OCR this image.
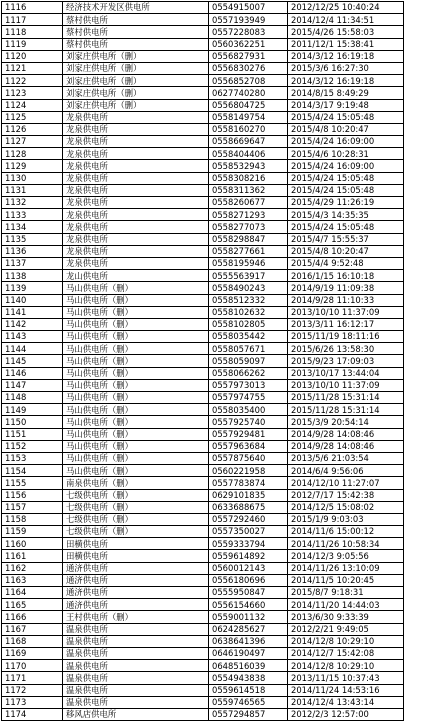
1116	经济技术开发区供电所	0554915007	2012/12/25 10:40:24
1117	蔡村供电所	0557193949	2014/12/4 11:34:51
1118	蔡村供电所	0557228083	2015/4/26 15:58:03
1119	蔡村供电所	0560362251	2011/12/1 15:38:41
1120	刘家庄供电所（删）	0556827931	2014/3/12 16:19:18
1121	刘家庄供电所（删）	0556830276	2015/3/6 16:27:30
1122	刘家庄供电所（删）	0556852708	2014/3/12 16:19:18
1123	刘家庄供电所（删）	0627740280	2014/8/15 8:49:29
1124	刘家庄供电所（删）	0556804725	2014/3/17 9:19:48
1125	龙泉供电所	0558149754	2015/4/24 15:05:48
1126	龙泉供电所	0558160270	2015/4/8 10:20:47
1127	龙泉供电所	0558669647	2015/4/24 16:09:00
1128	龙泉供电所	0558404406	2015/4/6 10:28:31
1129	龙泉供电所	0558532943	2015/4/24 16:09:00
1130	龙泉供电所	0558308216	2015/4/24 15:05:48
1131	龙泉供电所	0558311362	2015/4/24 15:05:48
1132	龙泉供电所	0558260677	2015/4/29 11:26:19
1133	龙泉供电所	0558271293	2015/4/3 14:35:35
1134	龙泉供电所	0558277073	2015/4/24 15:05:48
1135	龙泉供电所	0558298847	2015/4/7 15:55:37
1136	龙泉供电所	0558277661	2015/4/8 10:20:47
1137	龙泉供电所	0558195946	2015/4/4 9:52:48
1138	龙山供电所	0555563917	2016/1/15 16:10:18
1139	马山供电所（删）	0558490243	2014/9/19 11:09:38
1140	马山供电所（删）	0558512332	2014/9/28 11:10:33
1141	马山供电所（删）	0558102632	2013/10/10 11:37:09
1142	马山供电所（删）	0558102805	2013/3/11 16:12:17
1143	马山供电所（删）	0558035442	2015/11/19 18:11:16
1144	马山供电所（删）	0558057671	2015/6/26 13:58:30
1145	马山供电所（删）	0558059097	2015/9/23 17:09:03
1146	马山供电所（删）	0558066262	2013/10/17 13:44:04
1147	马山供电所（删）	0557973013	2013/10/10 11:37:09
1148	马山供电所（删）	0557974755	2015/11/28 15:31:14
1149	马山供电所（删）	0558035400	2015/11/28 15:31:14
1150	马山供电所（删）	0557925740	2015/3/9 20:54:14
1151	马山供电所（删）	0557929481	2014/9/28 14:08:46
1152	马山供电所（删）	0557963684	2014/9/28 14:08:46
1153	马山供电所（删）	0557875640	2013/5/6 21:03:54
1154	马山供电所（删）	0560221958	2014/6/4 9:56:06
1155	南泉供电所（删）	0557783874	2014/12/10 11:27:07
1156	七级供电所（删）	0629101835	2012/7/17 15:42:38
1157	七级供电所（删）	0633688675	2014/12/5 15:08:02
1158	七级供电所（删）	0557292460	2015/1/9 9:03:03
1159	七级供电所（删）	0557350027	2014/11/6 15:00:12
1160	田横供电所	0559333794	2014/11/26 10:58:34
1161	田横供电所	0559614892	2014/12/3 9:05:56
1162	通济供电所	0560012143	2014/11/26 13:10:09
1163	通济供电所	0556180696	2014/11/5 10:20:45
1164	通济供电所	0555950847	2015/8/7 9:18:31
1165	通济供电所	0556154660	2014/11/20 14:44:03
1166	王村供电所（删）	0559001132	2013/6/30 9:33:39
1167	温泉供电所	0624285627	2012/2/21 9:49:05
1168	温泉供电所	0638641396	2014/12/8 10:29:10
1169	温泉供电所	0646190497	2014/12/7 15:42:08
1170	温泉供电所	0648516039	2014/12/8 10:29:10
1171	温泉供电所	0554943838	2013/11/15 10:37:43
1172	温泉供电所	0559614518	2014/11/24 14:53:16
1173	温泉供电所	0559746565	2014/12/4 13:43:14
1174	移风店供电所	0557294857	2012/2/3 12:57:00
